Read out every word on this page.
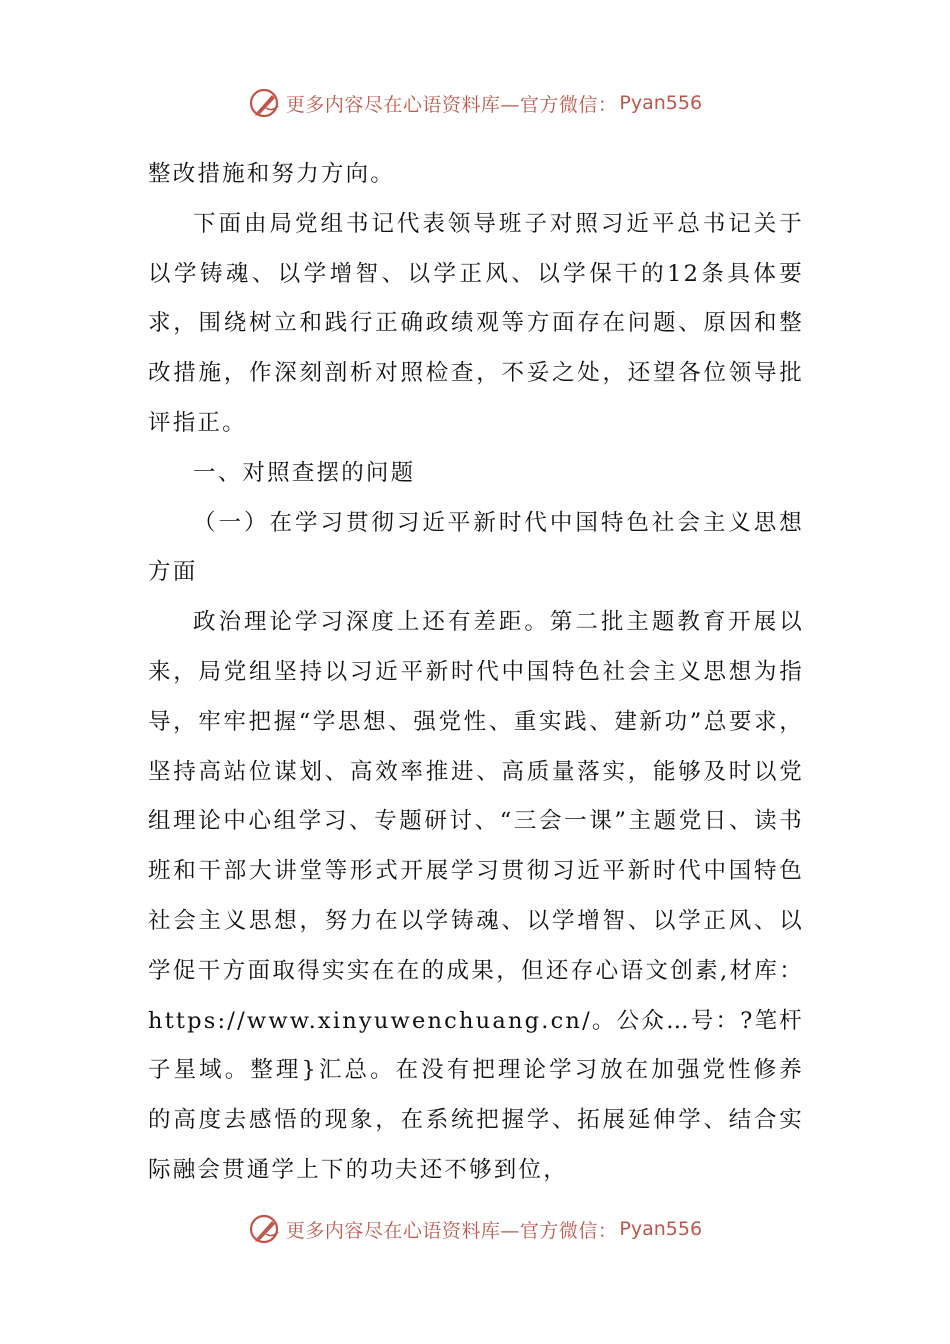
更多内容尽在心语资料库—官方微信： Pyan556

整改措施和努力方向。

下面由局党组书记代表领导班子对照习近平总书记关于以学铸魂、以学增智、以学正风、以学保干的12条具体要求，围绕树立和践行正确政绩观等方面存在问题、原因和整改措施，作深刻剖析对照检查，不妥之处，还望各位领导批评指正。

一、对照查摆的问题

（一）在学习贯彻习近平新时代中国特色社会主义思想方面

政治理论学习深度上还有差距。第二批主题教育开展以来，局党组坚持以习近平新时代中国特色社会主义思想为指导，牢牢把握“学思想、强党性、重实践、建新功”总要求，坚持高站位谋划、高效率推进、高质量落实，能够及时以党组理论中心组学习、专题研讨、“三会一课”主题党日、读书班和干部大讲堂等形式开展学习贯彻习近平新时代中国特色社会主义思想，努力在以学铸魂、以学增智、以学正风、以学促干方面取得实实在在的成果，但还存心语文创素,材库：https://www.xinyuwenchuang.cn/。公众…号：?笔杆子星域。整理}汇总。在没有把理论学习放在加强党性修养的高度去感悟的现象，在系统把握学、拓展延伸学、结合实际融会贯通学上下的功夫还不够到位，

更多内容尽在心语资料库—官方微信： Pyan556
